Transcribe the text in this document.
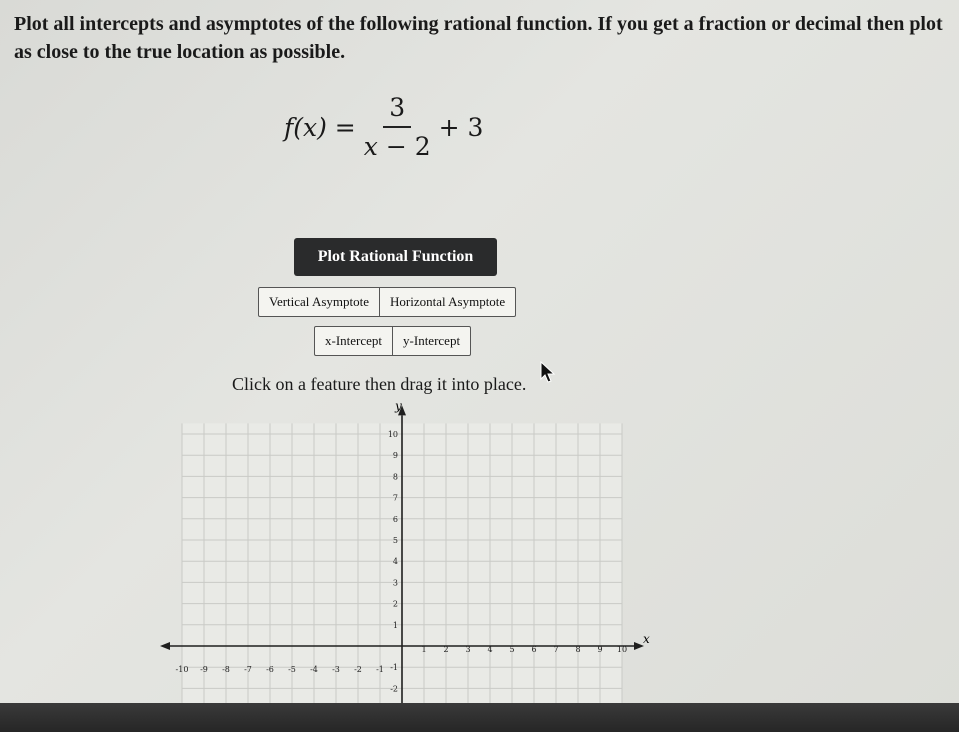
Plot all intercepts and asymptotes of the following rational function. If you get a fraction or decimal then plot as close to the true location as possible.
$f(x) = \frac{3}{x - 2} + 3$
Plot Rational Function
Vertical Asymptote	Horizontal Asymptote
x-Intercept	y-Intercept
Click on a feature then drag it into place.
-10 -9 -8 -7 -6 -5 -4 -3 -2 -1
1 2 3 4 5 6 7 8 9 10
10
9
8
7
6
5
4
3
2
1
-1
-2
x
y
